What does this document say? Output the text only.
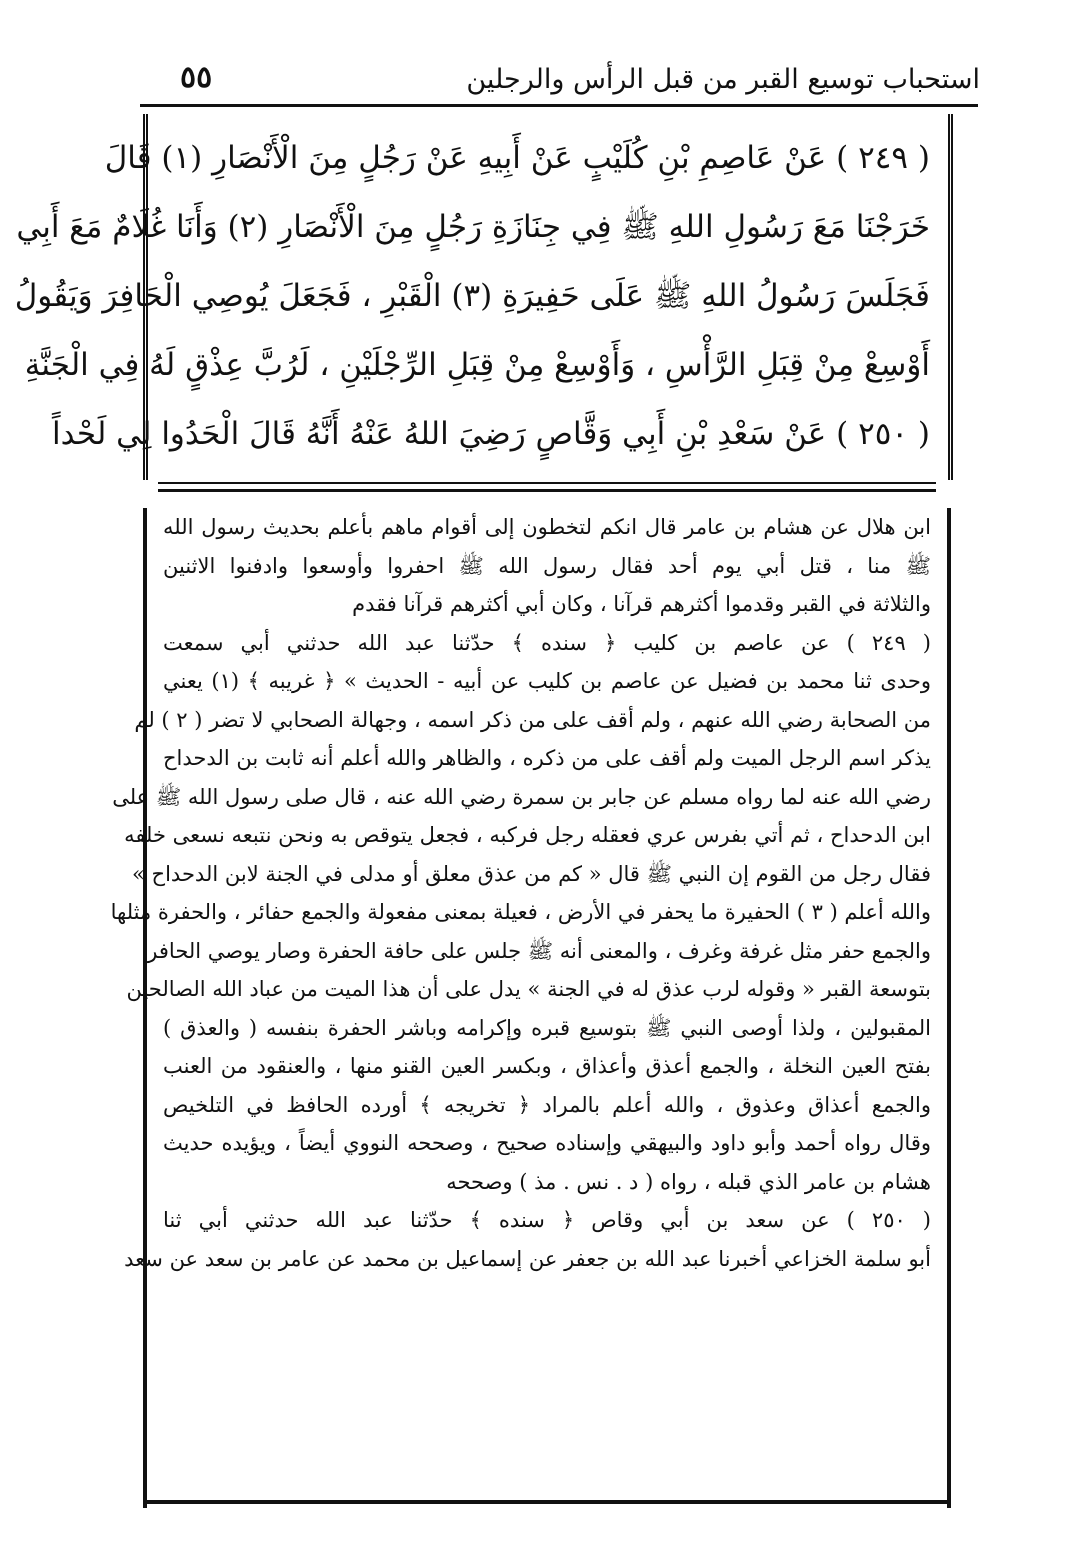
استحباب توسيع القبر من قبل الرأس والرجلين
٥٥
( ٢٤٩ ) عَنْ عَاصِمِ بْنِ كُلَيْبٍ عَنْ أَبِيهِ عَنْ رَجُلٍ مِنَ الْأَنْصَارِ (١) قَالَ
خَرَجْنَا مَعَ رَسُولِ اللهِ ﷺ فِي جِنَازَةِ رَجُلٍ مِنَ الْأَنْصَارِ (٢) وَأَنَا غُلَامٌ مَعَ أَبِي
فَجَلَسَ رَسُولُ اللهِ ﷺ عَلَى حَفِيرَةِ (٣) الْقَبْرِ ، فَجَعَلَ يُوصِي الْحَافِرَ وَيَقُولُ
أَوْسِعْ مِنْ قِبَلِ الرَّأْسِ ، وَأَوْسِعْ مِنْ قِبَلِ الرِّجْلَيْنِ ، لَرُبَّ عِذْقٍ لَهُ فِي الْجَنَّةِ
( ٢٥٠ ) عَنْ سَعْدِ بْنِ أَبِي وَقَّاصٍ رَضِيَ اللهُ عَنْهُ أَنَّهُ قَالَ الْحَدُوا لِي لَحْداً
ابن هلال عن هشام بن عامر قال انكم لتخطون إلى أقوام ماهم بأعلم بحديث رسول الله
ﷺ منا ، قتل أبي يوم أحد فقال رسول الله ﷺ احفروا وأوسعوا وادفنوا الاثنين
والثلاثة في القبر وقدموا أكثرهم قرآنا ، وكان أبي أكثرهم قرآنا فقدم
( ٢٤٩ ) عن عاصم بن كليب ﴿ سنده ﴾ حدّثنا عبد الله حدثني أبي سمعت
وحدى ثنا محمد بن فضيل عن عاصم بن كليب عن أبيه - الحديث » ﴿ غريبه ﴾ (١) يعني
من الصحابة رضي الله عنهم ، ولم أقف على من ذكر اسمه ، وجهالة الصحابي لا تضر ( ٢ ) لم
يذكر اسم الرجل الميت ولم أقف على من ذكره ، والظاهر والله أعلم أنه ثابت بن الدحداح
رضي الله عنه لما رواه مسلم عن جابر بن سمرة رضي الله عنه ، قال صلى رسول الله ﷺ على
ابن الدحداح ، ثم أتي بفرس عري فعقله رجل فركبه ، فجعل يتوقص به ونحن نتبعه نسعى خلفه
فقال رجل من القوم إن النبي ﷺ قال « كم من عذق معلق أو مدلى في الجنة لابن الدحداح »
والله أعلم ( ٣ ) الحفيرة ما يحفر في الأرض ، فعيلة بمعنى مفعولة والجمع حفائر ، والحفرة مثلها
والجمع حفر مثل غرفة وغرف ، والمعنى أنه ﷺ جلس على حافة الحفرة وصار يوصي الحافر
بتوسعة القبر « وقوله لرب عذق له في الجنة » يدل على أن هذا الميت من عباد الله الصالحين
المقبولين ، ولذا أوصى النبي ﷺ بتوسيع قبره وإكرامه وباشر الحفرة بنفسه ( والعذق )
بفتح العين النخلة ، والجمع أعذق وأعذاق ، وبكسر العين القنو منها ، والعنقود من العنب
والجمع أعذاق وعذوق ، والله أعلم بالمراد ﴿ تخريجه ﴾ أورده الحافظ في التلخيص
وقال رواه أحمد وأبو داود والبيهقي وإسناده صحيح ، وصححه النووي أيضاً ، ويؤيده حديث
هشام بن عامر الذي قبله ، رواه ( د . نس . مذ ) وصححه
( ٢٥٠ ) عن سعد بن أبي وقاص ﴿ سنده ﴾ حدّثنا عبد الله حدثني أبي ثنا
أبو سلمة الخزاعي أخبرنا عبد الله بن جعفر عن إسماعيل بن محمد عن عامر بن سعد عن سعد
